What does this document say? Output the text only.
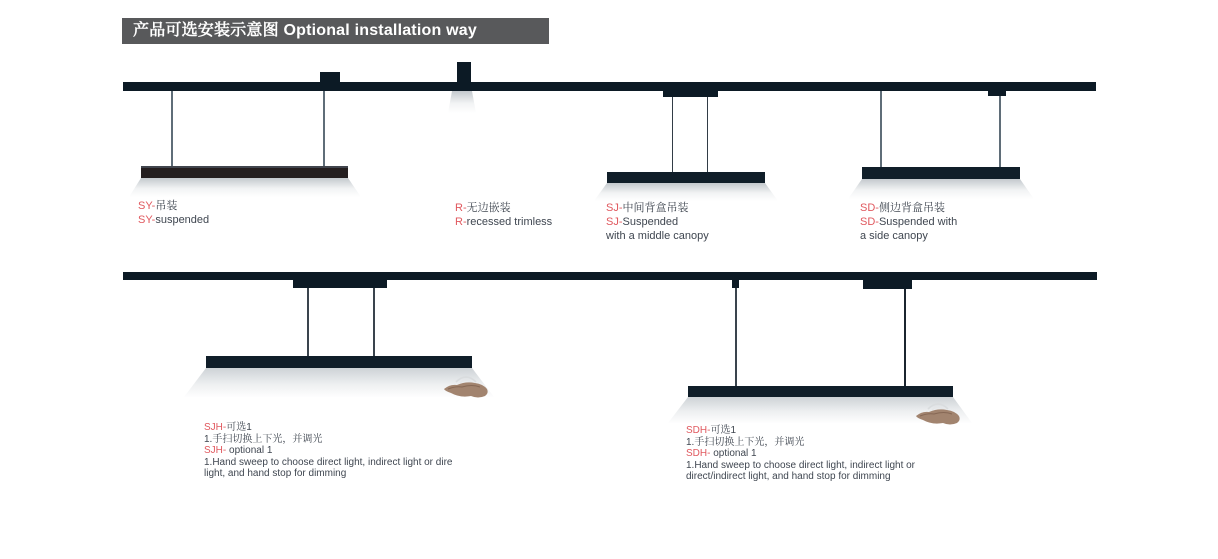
产品可选安装示意图 Optional installation way
SY-吊装
SY-suspended
R-无边嵌装
R-recessed trimless
SJ-中间背盒吊装
SJ-Suspended
with a middle canopy
SD-侧边背盒吊装
SD-Suspended with
a side canopy
SJH-可选1
1.手扫切换上下光，并调光
SJH- optional 1
1.Hand sweep to choose direct light, indirect light or dire
light, and hand stop for dimming
SDH-可选1
1.手扫切换上下光，并调光
SDH- optional 1
1.Hand sweep to choose direct light, indirect light or
direct/indirect light, and hand stop for dimming
